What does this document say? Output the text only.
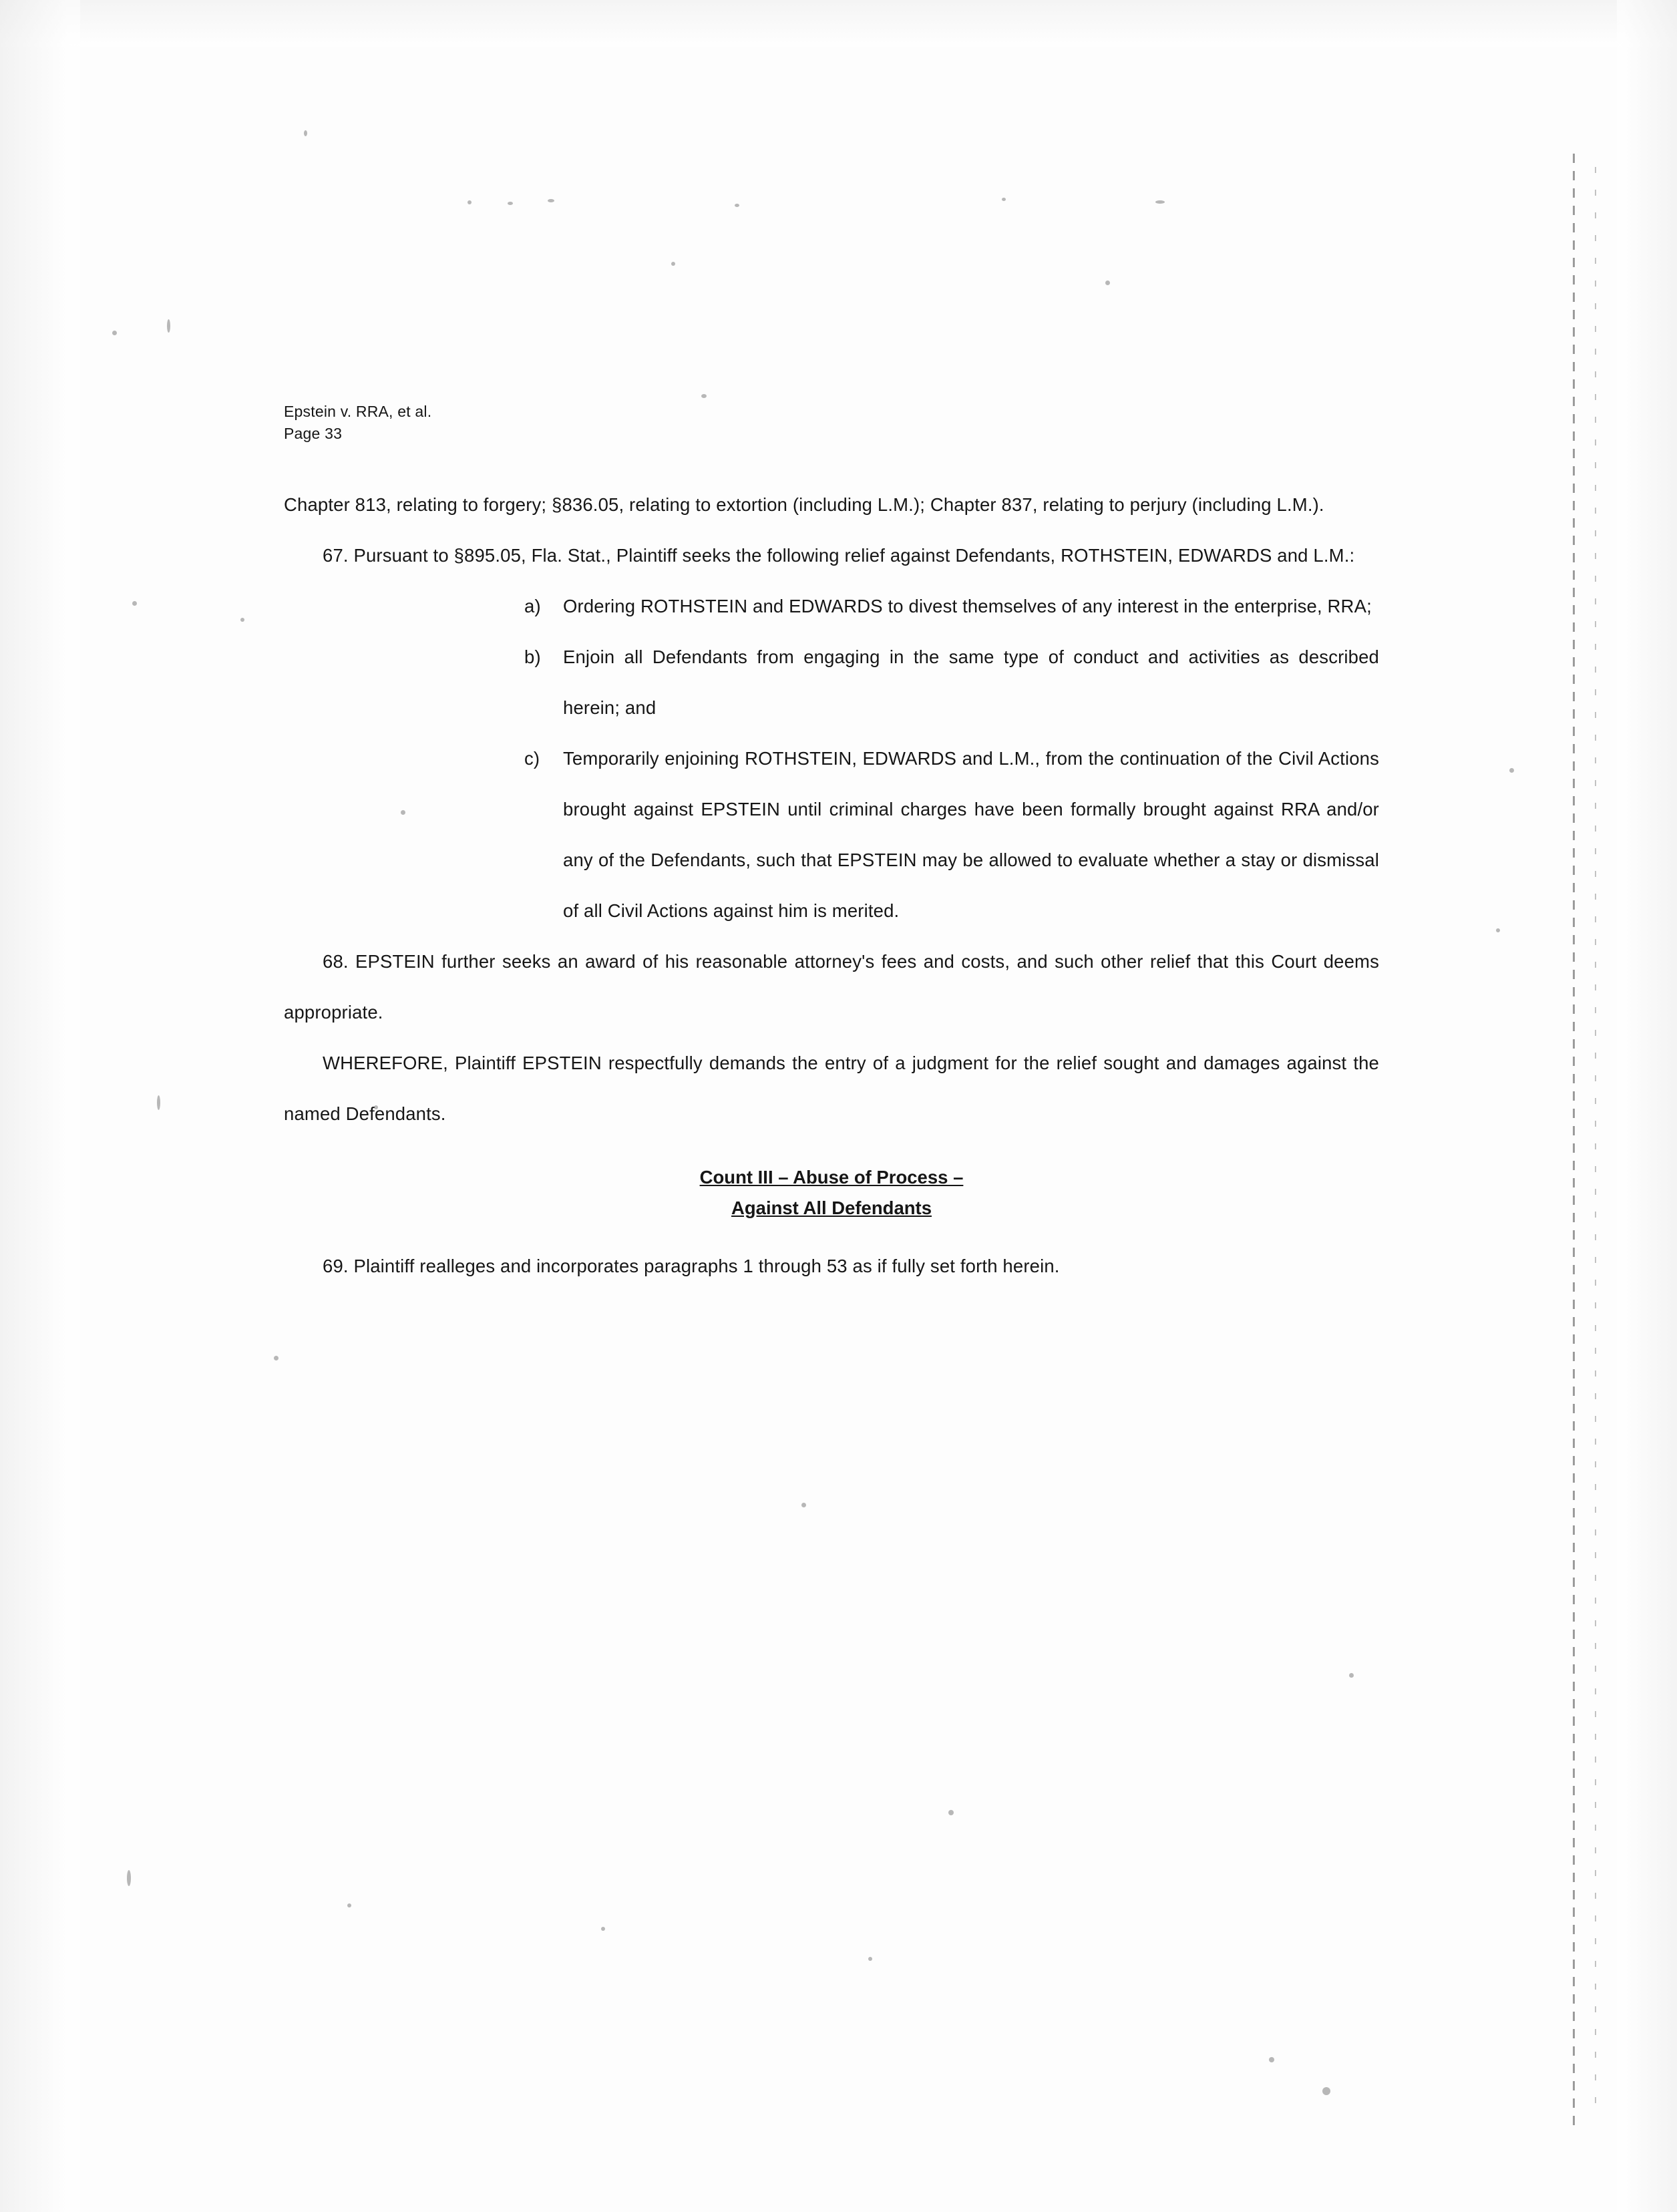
Epstein v. RRA, et al.
Page 33

Chapter 813, relating to forgery; §836.05, relating to extortion (including L.M.); Chapter 837, relating to perjury (including L.M.).

67. Pursuant to §895.05, Fla. Stat., Plaintiff seeks the following relief against Defendants, ROTHSTEIN, EDWARDS and L.M.:

a) Ordering ROTHSTEIN and EDWARDS to divest themselves of any interest in the enterprise, RRA;
b) Enjoin all Defendants from engaging in the same type of conduct and activities as described herein; and
c) Temporarily enjoining ROTHSTEIN, EDWARDS and L.M., from the continuation of the Civil Actions brought against EPSTEIN until criminal charges have been formally brought against RRA and/or any of the Defendants, such that EPSTEIN may be allowed to evaluate whether a stay or dismissal of all Civil Actions against him is merited.

68. EPSTEIN further seeks an award of his reasonable attorney's fees and costs, and such other relief that this Court deems appropriate.

WHEREFORE, Plaintiff EPSTEIN respectfully demands the entry of a judgment for the relief sought and damages against the named Defendants.

Count III – Abuse of Process –
Against All Defendants

69. Plaintiff realleges and incorporates paragraphs 1 through 53 as if fully set forth herein.
